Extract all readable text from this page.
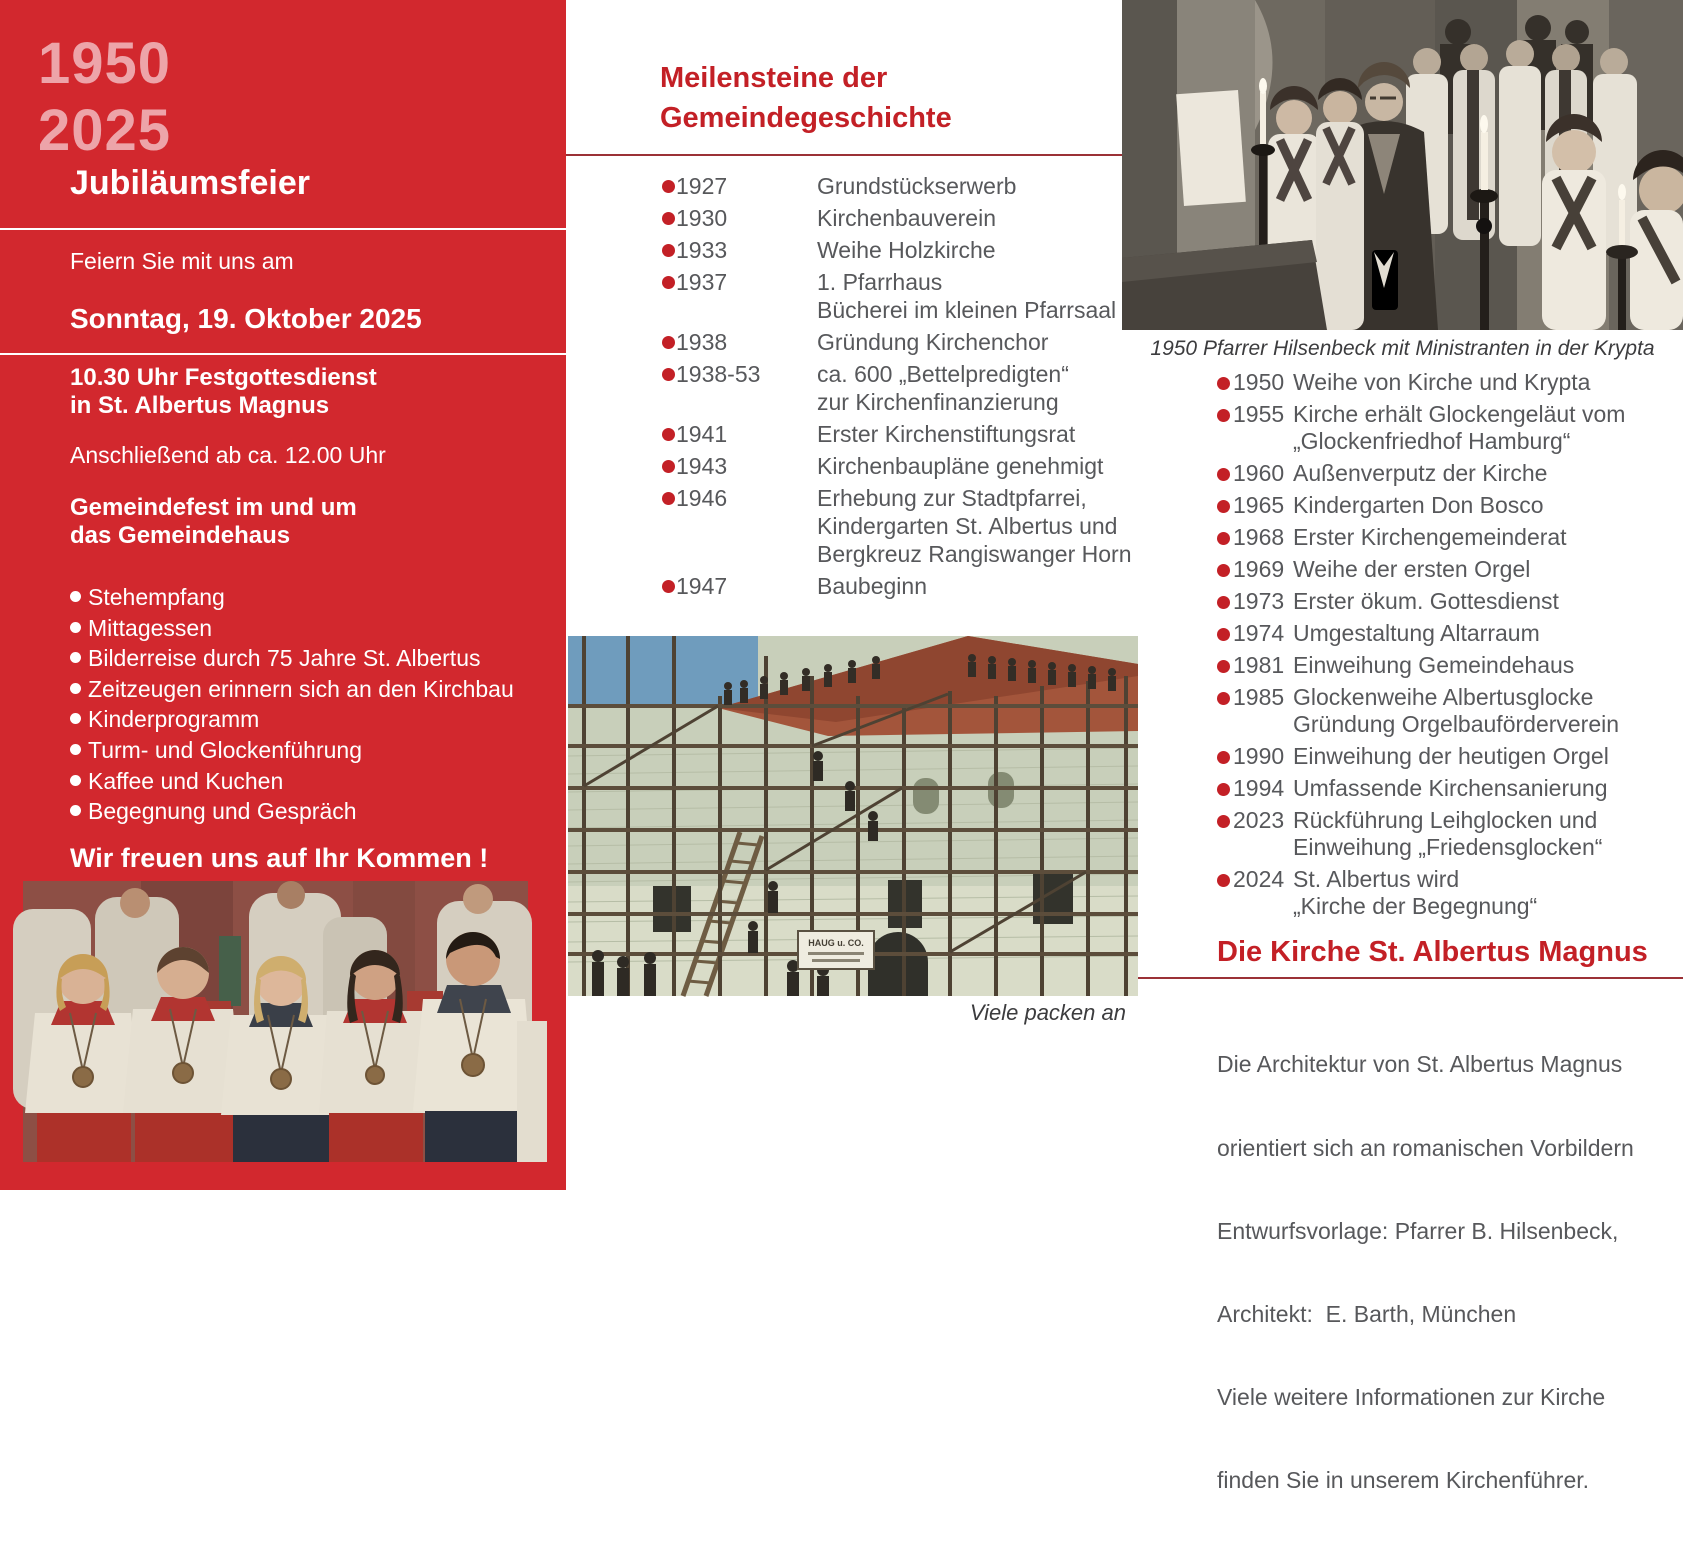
1950
2025
Jubiläumsfeier
Feiern Sie mit uns am
Sonntag, 19. Oktober 2025
10.30 Uhr Festgottesdienst
in St. Albertus Magnus
Anschließend ab ca. 12.00 Uhr
Gemeindefest im und um
das Gemeindehaus
Stehempfang
Mittagessen
Bilderreise durch 75 Jahre St. Albertus
Zeitzeugen erinnern sich an den Kirchbau
Kinderprogramm
Turm- und Glockenführung
Kaffee und Kuchen
Begegnung und Gespräch
Wir freuen uns auf Ihr Kommen !
Meilensteine der
Gemeindegeschichte
1927	Grundstückserwerb
1930	Kirchenbauverein
1933	Weihe Holzkirche
1937	1. Pfarrhaus
Bücherei im kleinen Pfarrsaal
1938	Gründung Kirchenchor
1938-53	ca. 600 „Bettelpredigten“
zur Kirchenfinanzierung
1941	Erster Kirchenstiftungsrat
1943	Kirchenbaupläne genehmigt
1946	Erhebung zur Stadtpfarrei,
Kindergarten St. Albertus und
Bergkreuz Rangiswanger Horn
1947	Baubeginn
HAUG u. CO.
Viele packen an
1950 Pfarrer Hilsenbeck mit Ministranten in der Krypta
1950 Weihe von Kirche und Krypta
1955 Kirche erhält Glockengeläut vom
„Glockenfriedhof Hamburg“
1960 Außenverputz der Kirche
1965 Kindergarten Don Bosco
1968 Erster Kirchengemeinderat
1969 Weihe der ersten Orgel
1973 Erster ökum. Gottesdienst
1974 Umgestaltung Altarraum
1981 Einweihung Gemeindehaus
1985 Glockenweihe Albertusglocke
Gründung Orgelbauförderverein
1990 Einweihung der heutigen Orgel
1994 Umfassende Kirchensanierung
2023 Rückführung Leihglocken und
Einweihung „Friedensglocken“
2024 St. Albertus wird
„Kirche der Begegnung“
Die Kirche St. Albertus Magnus

Die Architektur von St. Albertus Magnus

orientiert sich an romanischen Vorbildern

Entwurfsvorlage: Pfarrer B. Hilsenbeck,

Architekt:  E. Barth, München

Viele weitere Informationen zur Kirche

finden Sie in unserem Kirchenführer.
